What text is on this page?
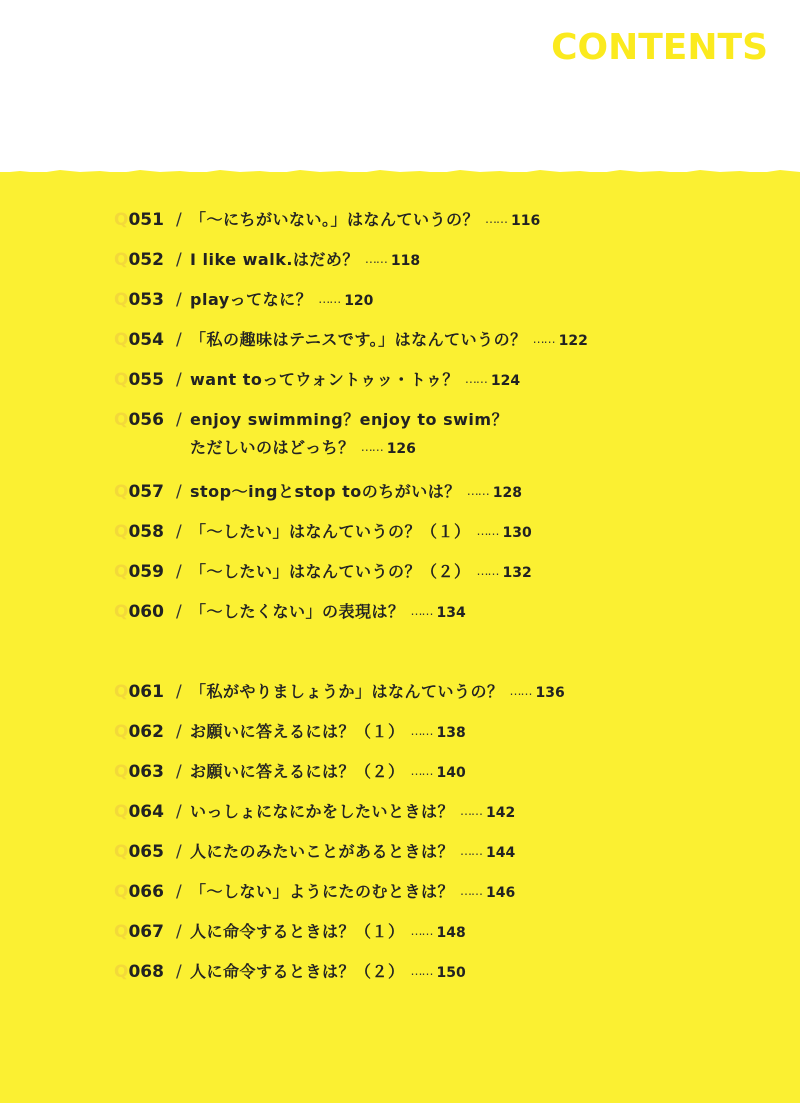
CONTENTS
Q051 / 「～にちがいない。」はなんていうの？ …… 116
Q052 / I like walk.はだめ？ …… 118
Q053 / playってなに？ …… 120
Q054 / 「私の趣味はテニスです。」はなんていうの？ …… 122
Q055 / want toってウォントゥッ・トゥ？ …… 124
Q056 / enjoy swimming？enjoy to swim？
ただしいのはどっち？ …… 126
Q057 / stop～ingとstop toのちがいは？ …… 128
Q058 / 「～したい」はなんていうの？（１） …… 130
Q059 / 「～したい」はなんていうの？（２） …… 132
Q060 / 「～したくない」の表現は？ …… 134
Q061 / 「私がやりましょうか」はなんていうの？ …… 136
Q062 / お願いに答えるには？（１） …… 138
Q063 / お願いに答えるには？（２） …… 140
Q064 / いっしょになにかをしたいときは？ …… 142
Q065 / 人にたのみたいことがあるときは？ …… 144
Q066 / 「～しない」ようにたのむときは？ …… 146
Q067 / 人に命令するときは？（１） …… 148
Q068 / 人に命令するときは？（２） …… 150
